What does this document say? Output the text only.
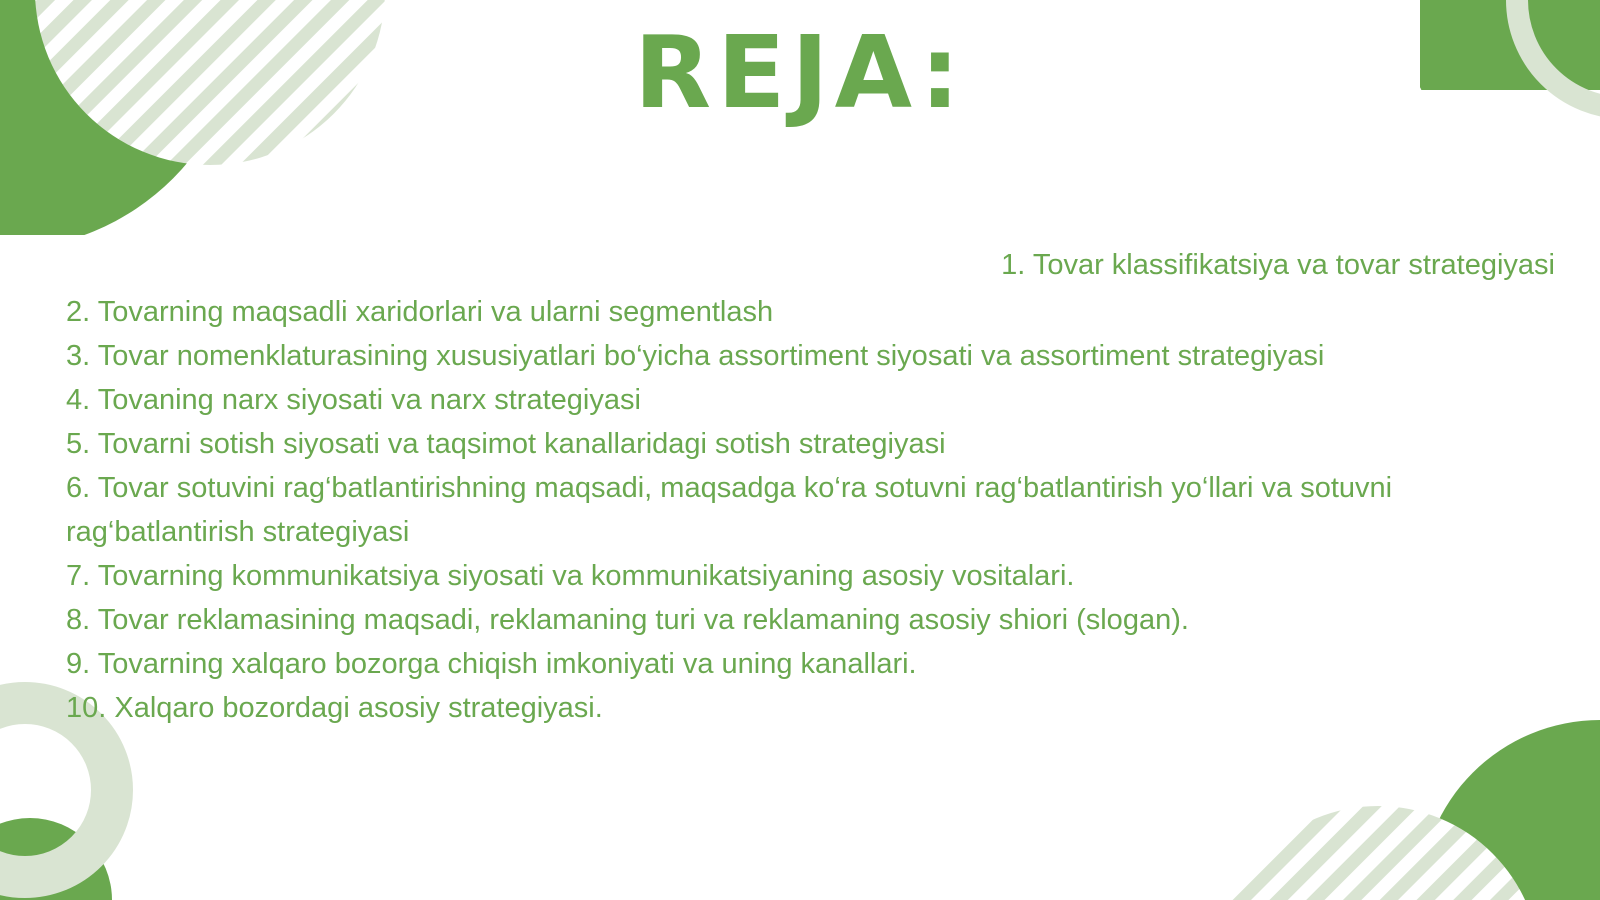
REJA:
1. Tovar klassifikatsiya va tovar strategiyasi
2. Tovarning maqsadli xaridorlari va ularni segmentlash
3. Tovar nomenklaturasining xususiyatlari bo‘yicha assortiment siyosati va assortiment strategiyasi
4. Tovaning narx siyosati va narx strategiyasi
5. Tovarni sotish siyosati va taqsimot kanallaridagi sotish strategiyasi
6. Tovar sotuvini rag‘batlantirishning maqsadi, maqsadga ko‘ra sotuvni rag‘batlantirish yo‘llari va sotuvni rag‘batlantirish strategiyasi
7. Tovarning kommunikatsiya siyosati va kommunikatsiyaning asosiy vositalari.
8. Tovar reklamasining maqsadi, reklamaning turi va reklamaning asosiy shiori (slogan).
9. Tovarning xalqaro bozorga chiqish imkoniyati va uning kanallari.
10. Xalqaro bozordagi asosiy strategiyasi.
